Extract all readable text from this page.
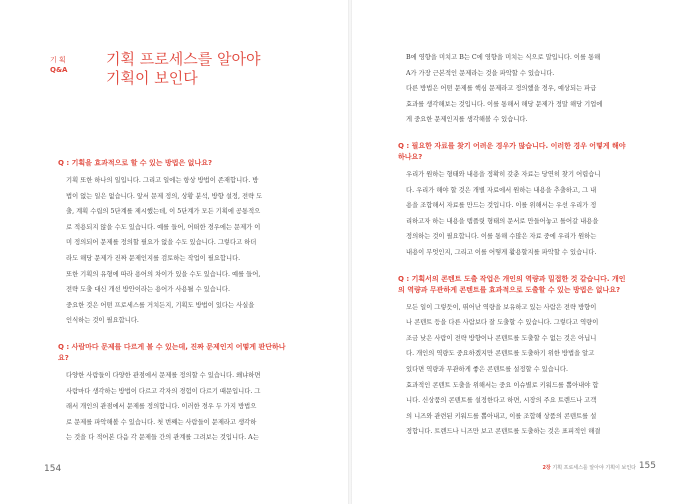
기 획
Q&A
기획 프로세스를 알아야
기획이 보인다
Q : 기획을 효과적으로 할 수 있는 방법은 없나요?
기획 또한 하나의 일입니다. 그리고 일에는 항상 방법이 존재합니다. 방
법이 없는 일은 없습니다. 앞서 문제 정의, 상황 분석, 방향 설정, 전략 도
출, 계획 수립의 5단계를 제시했는데, 이 5단계가 모든 기획에 공통적으
로 적용되지 않을 수도 있습니다. 예를 들어, 어떠한 경우에는 문제가 이
미 정의되어 문제를 정의할 필요가 없을 수도 있습니다. 그렇다고 하더
라도 해당 문제가 진짜 문제인지를 검토하는 작업이 필요합니다.
또한 기획의 유형에 따라 용어의 차이가 있을 수도 있습니다. 예를 들어,
전략 도출 대신 개선 방안이라는 용어가 사용될 수 있습니다.
중요한 것은 어떤 프로세스를 거치든지, 기획도 방법이 있다는 사실을
인식하는 것이 필요합니다.
Q : 사람마다 문제를 다르게 볼 수 있는데, 진짜 문제인지 어떻게 판단하나요?
다양한 사람들이 다양한 관점에서 문제를 정의할 수 있습니다. 왜냐하면
사람마다 생각하는 방법이 다르고 각자의 경험이 다르기 때문입니다. 그
래서 개인의 관점에서 문제를 정의합니다. 이러한 경우 두 가지 방법으
로 문제를 파악해볼 수 있습니다. 첫 번째는 사람들이 문제라고 생각하
는 것을 다 적어본 다음 각 문제들 간의 관계를 그려보는 것입니다. A는
154
B에 영향을 미치고 B는 C에 영향을 미치는 식으로 말입니다. 이를 통해
A가 가장 근본적인 문제라는 것을 파악할 수 있습니다.
다른 방법은 어떤 문제를 핵심 문제라고 정의했을 경우, 예상되는 파급
효과를 생각해보는 것입니다. 이를 통해서 해당 문제가 정말 해당 기업에
게 중요한 문제인지를 생각해볼 수 있습니다.
Q : 필요한 자료를 찾기 어려운 경우가 많습니다. 이러한 경우 어떻게 해야 하나요?
우리가 원하는 형태와 내용을 정확히 갖춘 자료는 당연히 찾기 어렵습니
다. 우리가 해야 할 것은 개별 자료에서 원하는 내용을 추출하고, 그 내
용을 조합해서 자료를 만드는 것입니다. 이를 위해서는 우선 우리가 정
리하고자 하는 내용을 템플릿 형태의 문서로 만들어놓고 틀어갈 내용을
정의하는 것이 필요합니다. 이를 통해 수많은 자료 중에 우리가 원하는
내용이 무엇인지, 그리고 이를 어떻게 활용할지를 파악할 수 있습니다.
Q : 기획서의 콘텐트 도출 작업은 개인의 역량과 밀접한 것 같습니다. 개인의 역량과 무관하게 콘텐트를 효과적으로 도출할 수 있는 방법은 없나요?
모든 일이 그렇듯이, 뛰어난 역량을 보유하고 있는 사람은 전략 방향이
나 콘텐트 등을 다른 사람보다 잘 도출할 수 있습니다. 그렇다고 역량이
조금 낮은 사람이 전략 방향이나 콘텐트를 도출할 수 없는 것은 아닙니
다. 개인의 역량도 중요하겠지만 콘텐트를 도출하기 위한 방법을 알고
있다면 역량과 무관하게 좋은 콘텐트를 설정할 수 있습니다.
효과적인 콘텐트 도출을 위해서는 중요 이슈별로 키워드를 뽑아내야 합
니다. 신상품의 콘텐트를 설정한다고 하면, 시장의 주요 트렌드나 고객
의 니즈와 관련된 키워드를 뽑아내고, 이를 조합해 상품의 콘텐트를 설
정합니다. 트렌드나 니즈만 보고 콘텐트를 도출하는 것은 표피적인 해결
2장 기획 프로세스를 알아야 기획이 보인다 155
